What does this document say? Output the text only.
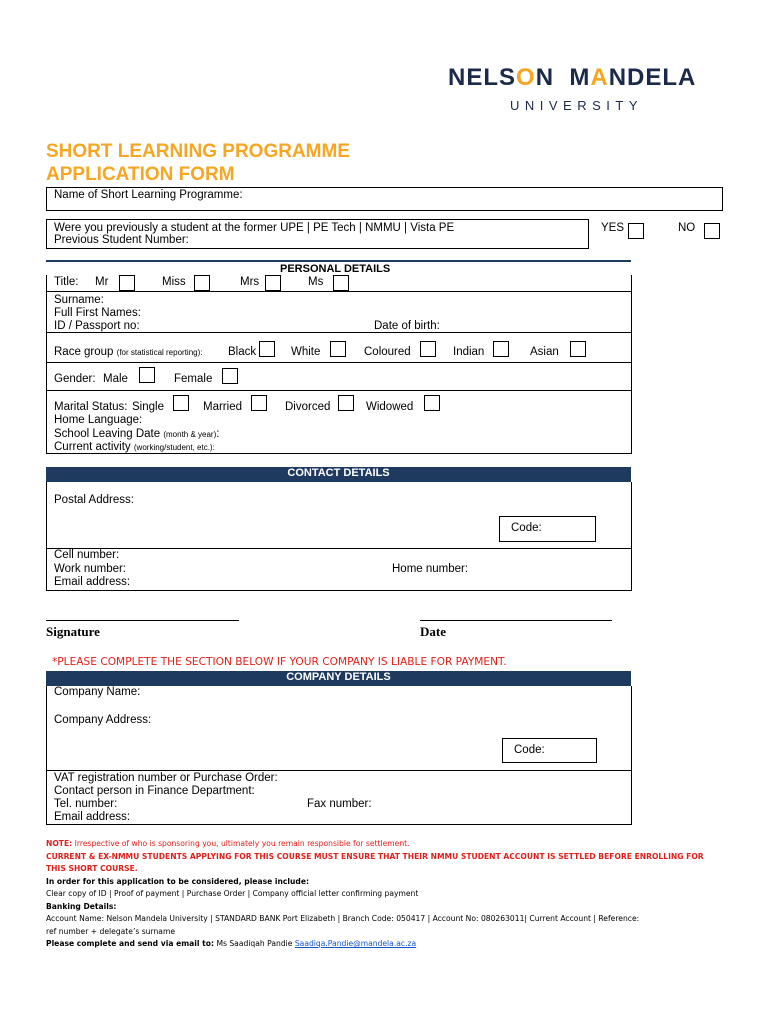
NELSON MANDELA
UNIVERSITY
SHORT LEARNING PROGRAMME
APPLICATION FORM
Name of Short Learning Programme:
Were you previously a student at the former UPE | PE Tech | NMMU | Vista PE
Previous Student Number:
YES	NO
PERSONAL DETAILS
Title: Mr	Miss	Mrs	Ms
Surname:
Full First Names:
ID / Passport no:	Date of birth:
Race group (for statistical reporting): Black	White	Coloured	Indian	Asian
Gender: Male	Female
Marital Status: Single	Married	Divorced	Widowed
Home Language:
School Leaving Date (month & year):
Current activity (working/student, etc.):
CONTACT DETAILS
Postal Address:
Code:
Cell number:
Work number:	Home number:
Email address:
Signature	Date
*PLEASE COMPLETE THE SECTION BELOW IF YOUR COMPANY IS LIABLE FOR PAYMENT.
COMPANY DETAILS
Company Name:
Company Address:
Code:
VAT registration number or Purchase Order:
Contact person in Finance Department:
Tel. number:	Fax number:
Email address:
NOTE: Irrespective of who is sponsoring you, ultimately you remain responsible for settlement.
CURRENT & EX-NMMU STUDENTS APPLYING FOR THIS COURSE MUST ENSURE THAT THEIR NMMU STUDENT ACCOUNT IS SETTLED BEFORE ENROLLING FOR
THIS SHORT COURSE.
In order for this application to be considered, please include:
Clear copy of ID | Proof of payment | Purchase Order | Company official letter confirming payment
Banking Details:
Account Name: Nelson Mandela University | STANDARD BANK Port Elizabeth | Branch Code: 050417 | Account No: 080263011| Current Account | Reference:
ref number + delegate’s surname
Please complete and send via email to: Ms Saadiqah Pandie Saadiqa.Pandie@mandela.ac.za
